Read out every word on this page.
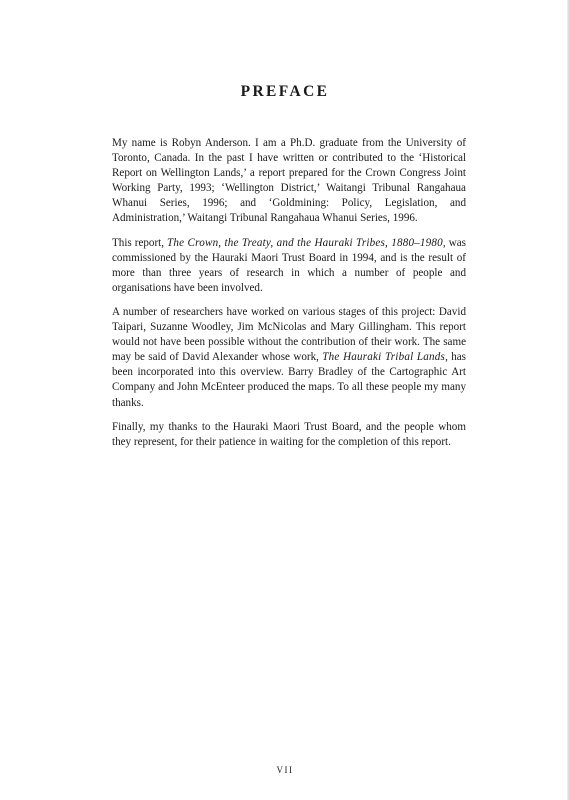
PREFACE

My name is Robyn Anderson. I am a Ph.D. graduate from the University of Toronto, Canada. In the past I have written or contributed to the ‘Historical Report on Wellington Lands,’ a report prepared for the Crown Congress Joint Working Party, 1993; ‘Wellington District,’ Waitangi Tribunal Rangahaua Whanui Series, 1996; and ‘Goldmining: Policy, Legislation, and Administration,’ Waitangi Tribunal Rangahaua Whanui Series, 1996.

This report, The Crown, the Treaty, and the Hauraki Tribes, 1880–1980, was commissioned by the Hauraki Maori Trust Board in 1994, and is the result of more than three years of research in which a number of people and organisations have been involved.

A number of researchers have worked on various stages of this project: David Taipari, Suzanne Woodley, Jim McNicolas and Mary Gillingham. This report would not have been possible without the contribution of their work. The same may be said of David Alexander whose work, The Hauraki Tribal Lands, has been incorporated into this overview. Barry Bradley of the Cartographic Art Company and John McEnteer produced the maps. To all these people my many thanks.

Finally, my thanks to the Hauraki Maori Trust Board, and the people whom they represent, for their patience in waiting for the completion of this report.

VII
